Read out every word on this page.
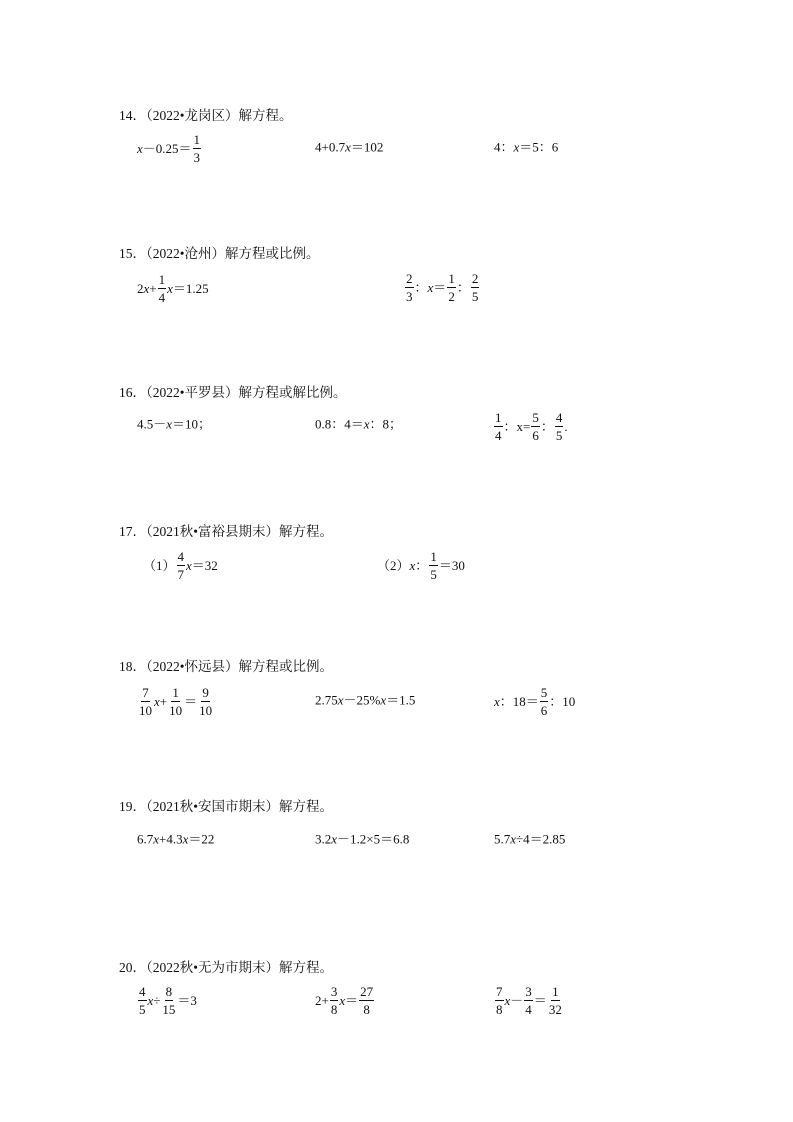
14．（2022•龙岗区）解方程。
15．（2022•沧州）解方程或比例。
16．（2022•平罗县）解方程或解比例。
17．（2021秋•富裕县期末）解方程。
18．（2022•怀远县）解方程或比例。
19．（2021秋•安国市期末）解方程。
20．（2022秋•无为市期末）解方程。
$x-0.25= \frac{1}{3}$	4+0.7x＝102	4：x＝5：6
$2x+ \frac{1}{4} x=1.25$	$\frac{2}{3}$ ：$x= \frac{1}{2}$ ： $\frac{2}{5}$
4.5－x＝10；	0.8：4＝x：8；	$\frac{1}{4}$ ：$x= \frac{5}{6}$ ： $\frac{4}{5}$ .
$(1) \frac{4}{7} x=32$	（2）x： $\frac{1}{5} =30$
$\frac{7}{10} x+ \frac{1}{10} = \frac{9}{10}$	2.75x－25%x＝1.5	x：$18= \frac{5}{6}$ ：10
6.7x+4.3x＝22	3.2x－1.2×5＝6.8	5.7x÷4＝2.85
$\frac{4}{5} x\div \frac{8}{15} =3$	$2+ \frac{3}{8} x= \frac{27}{8}$	$\frac{7}{8} x- \frac{3}{4} = \frac{1}{32}$
